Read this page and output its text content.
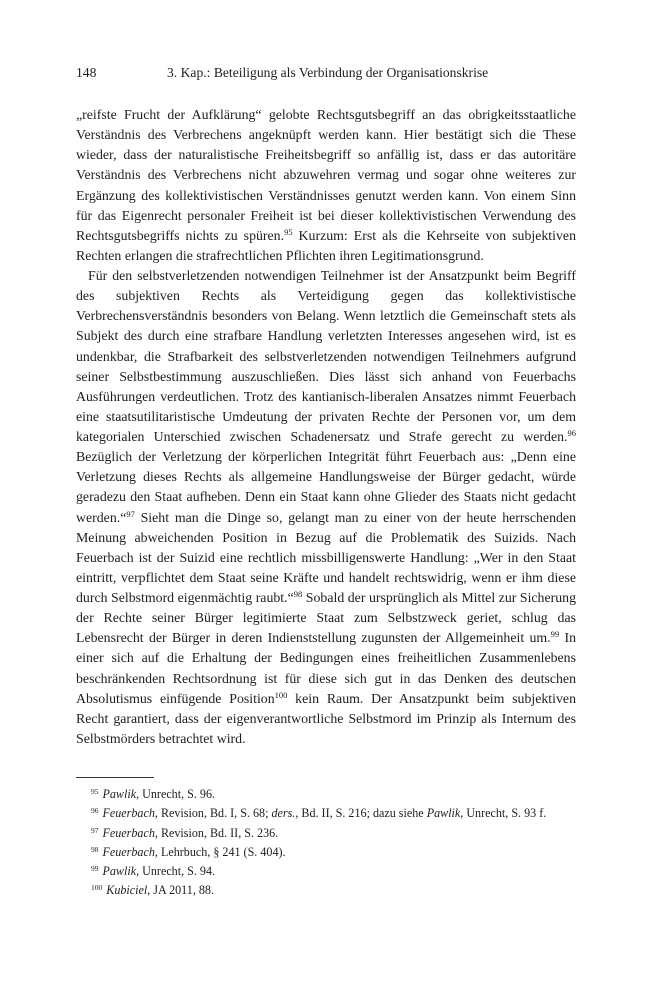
148	3. Kap.: Beteiligung als Verbindung der Organisationskrise

„reifste Frucht der Aufklärung“ gelobte Rechtsgutsbegriff an das obrigkeitsstaatliche Verständnis des Verbrechens angeknüpft werden kann. Hier bestätigt sich die These wieder, dass der naturalistische Freiheitsbegriff so anfällig ist, dass er das autoritäre Verständnis des Verbrechens nicht abzuwehren vermag und sogar ohne weiteres zur Ergänzung des kollektivistischen Verständnisses genutzt werden kann. Von einem Sinn für das Eigenrecht personaler Freiheit ist bei dieser kollektivistischen Verwendung des Rechtsgutsbegriffs nichts zu spüren.$^{95}$ Kurzum: Erst als die Kehrseite von subjektiven Rechten erlangen die strafrechtlichen Pflichten ihren Legitimationsgrund.

Für den selbstverletzenden notwendigen Teilnehmer ist der Ansatzpunkt beim Begriff des subjektiven Rechts als Verteidigung gegen das kollektivistische Verbrechensverständnis besonders von Belang. Wenn letztlich die Gemeinschaft stets als Subjekt des durch eine strafbare Handlung verletzten Interesses angesehen wird, ist es undenkbar, die Strafbarkeit des selbstverletzenden notwendigen Teilnehmers aufgrund seiner Selbstbestimmung auszuschließen. Dies lässt sich anhand von Feuerbachs Ausführungen verdeutlichen. Trotz des kantianisch-liberalen Ansatzes nimmt Feuerbach eine staatsutilitaristische Umdeutung der privaten Rechte der Personen vor, um dem kategorialen Unterschied zwischen Schadenersatz und Strafe gerecht zu werden.$^{96}$ Bezüglich der Verletzung der körperlichen Integrität führt Feuerbach aus: „Denn eine Verletzung dieses Rechts als allgemeine Handlungsweise der Bürger gedacht, würde geradezu den Staat aufheben. Denn ein Staat kann ohne Glieder des Staats nicht gedacht werden.“$^{97}$ Sieht man die Dinge so, gelangt man zu einer von der heute herrschenden Meinung abweichenden Position in Bezug auf die Problematik des Suizids. Nach Feuerbach ist der Suizid eine rechtlich missbilligenswerte Handlung: „Wer in den Staat eintritt, verpflichtet dem Staat seine Kräfte und handelt rechtswidrig, wenn er ihm diese durch Selbstmord eigenmächtig raubt.“$^{98}$ Sobald der ursprünglich als Mittel zur Sicherung der Rechte seiner Bürger legitimierte Staat zum Selbstzweck geriet, schlug das Lebensrecht der Bürger in deren Indienststellung zugunsten der Allgemeinheit um.$^{99}$ In einer sich auf die Erhaltung der Bedingungen eines freiheitlichen Zusammenlebens beschränkenden Rechtsordnung ist für diese sich gut in das Denken des deutschen Absolutismus einfügende Position$^{100}$ kein Raum. Der Ansatzpunkt beim subjektiven Recht garantiert, dass der eigenverantwortliche Selbstmord im Prinzip als Internum des Selbstmörders betrachtet wird.

$^{95}$ Pawlik, Unrecht, S. 96.

$^{96}$ Feuerbach, Revision, Bd. I, S. 68; ders., Bd. II, S. 216; dazu siehe Pawlik, Unrecht, S. 93 f.

$^{97}$ Feuerbach, Revision, Bd. II, S. 236.

$^{98}$ Feuerbach, Lehrbuch, § 241 (S. 404).

$^{99}$ Pawlik, Unrecht, S. 94.

$^{100}$ Kubiciel, JA 2011, 88.
